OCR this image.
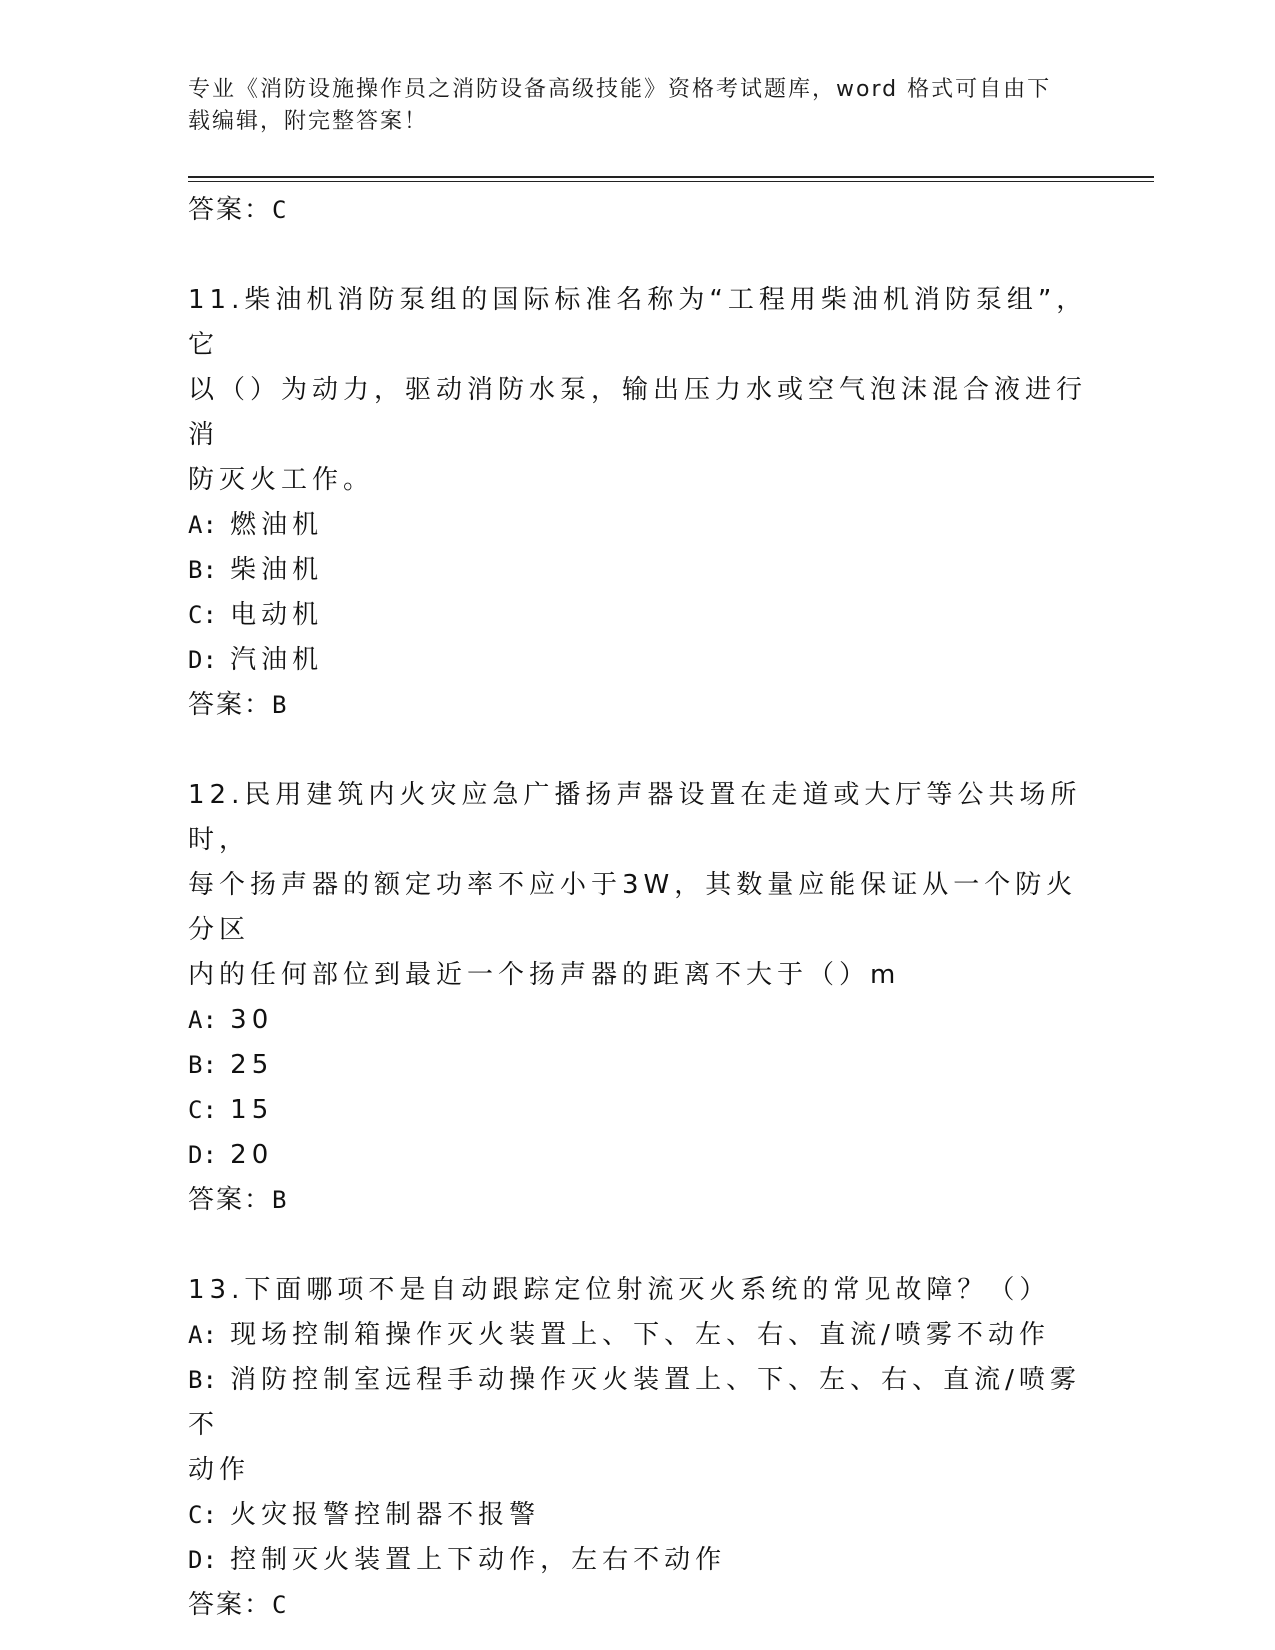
专业《消防设施操作员之消防设备高级技能》资格考试题库，word 格式可自由下
载编辑，附完整答案！
答案：C

11.柴油机消防泵组的国际标准名称为“工程用柴油机消防泵组”，它

以（）为动力，驱动消防水泵，输出压力水或空气泡沫混合液进行消

防灭火工作。

A: 燃油机

B: 柴油机

C: 电动机

D: 汽油机

答案：B

12.民用建筑内火灾应急广播扬声器设置在走道或大厅等公共场所时，

每个扬声器的额定功率不应小于3W，其数量应能保证从一个防火分区

内的任何部位到最近一个扬声器的距离不大于（）m

A: 30

B: 25

C: 15

D: 20

答案：B

13.下面哪项不是自动跟踪定位射流灭火系统的常见故障？（）

A: 现场控制箱操作灭火装置上、下、左、右、直流/喷雾不动作

B: 消防控制室远程手动操作灭火装置上、下、左、右、直流/喷雾不

动作

C: 火灾报警控制器不报警

D: 控制灭火装置上下动作，左右不动作

答案：C
